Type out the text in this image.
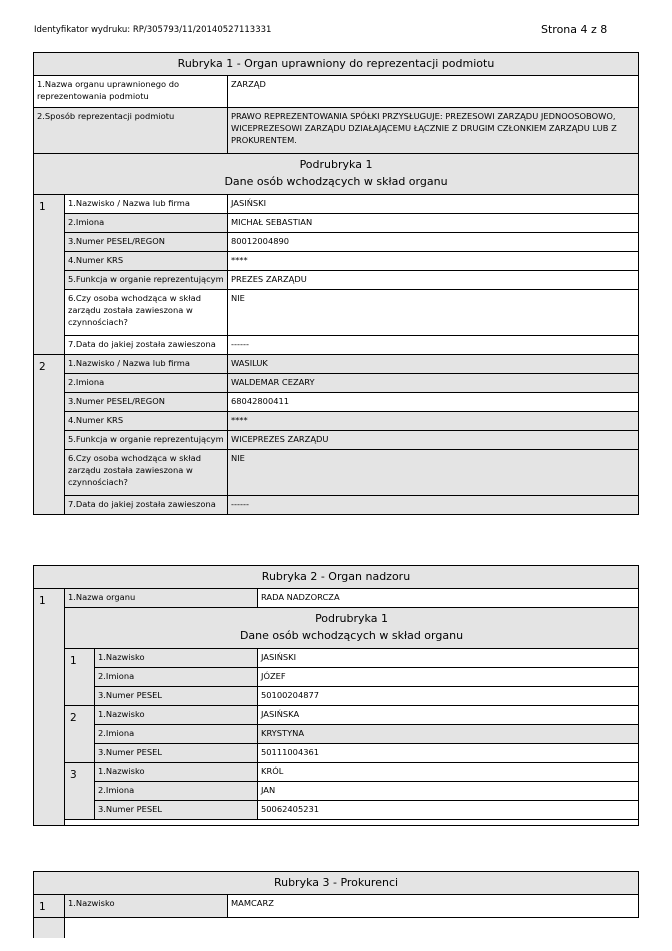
Identyfikator wydruku: RP/305793/11/20140527113331	Strona 4 z 8
Rubryka 1 - Organ uprawniony do reprezentacji podmiotu		
1.Nazwa organu uprawnionego do reprezentowania podmiotu		ZARZĄD
2.Sposób reprezentacji podmiotu		PRAWO REPREZENTOWANIA SPÓŁKI PRZYSŁUGUJE: PREZESOWI ZARZĄDU JEDNOOSOBOWO, WICEPREZESOWI ZARZĄDU DZIAŁAJĄCEMU ŁĄCZNIE Z DRUGIM CZŁONKIEM ZARZĄDU LUB Z PROKURENTEM.

Podrubryka 1
Dane osób wchodzących w skład organu		

1	1.Nazwisko / Nazwa lub firma	JASIŃSKI
	2.Imiona	MICHAŁ SEBASTIAN
	3.Numer PESEL/REGON	80012004890
	4.Numer KRS	****
	5.Funkcja w organie reprezentującym	PREZES ZARZĄDU
	6.Czy osoba wchodząca w skład zarządu została zawieszona w czynnościach?	NIE
	7.Data do jakiej została zawieszona	------
2	1.Nazwisko / Nazwa lub firma	WASILUK
	2.Imiona	WALDEMAR CEZARY
	3.Numer PESEL/REGON	68042800411
	4.Numer KRS	****
	5.Funkcja w organie reprezentującym	WICEPREZES ZARZĄDU
	6.Czy osoba wchodząca w skład zarządu została zawieszona w czynnościach?	NIE
	7.Data do jakiej została zawieszona	------
Rubryka 2 - Organ nadzoru			
1	1.Nazwa organu		RADA NADZORCZA

	Podrubryka 1
Dane osób wchodzących w skład organu		

	1	1.Nazwisko	JASIŃSKI
		2.Imiona	JÓZEF
		3.Numer PESEL	50100204877
	2	1.Nazwisko	JASIŃSKA
		2.Imiona	KRYSTYNA
		3.Numer PESEL	50111004361
	3	1.Nazwisko	KRÓL
		2.Imiona	JAN
		3.Numer PESEL	50062405231

Rubryka 3 - Prokurenci		
1	1.Nazwisko	MAMCARZ
